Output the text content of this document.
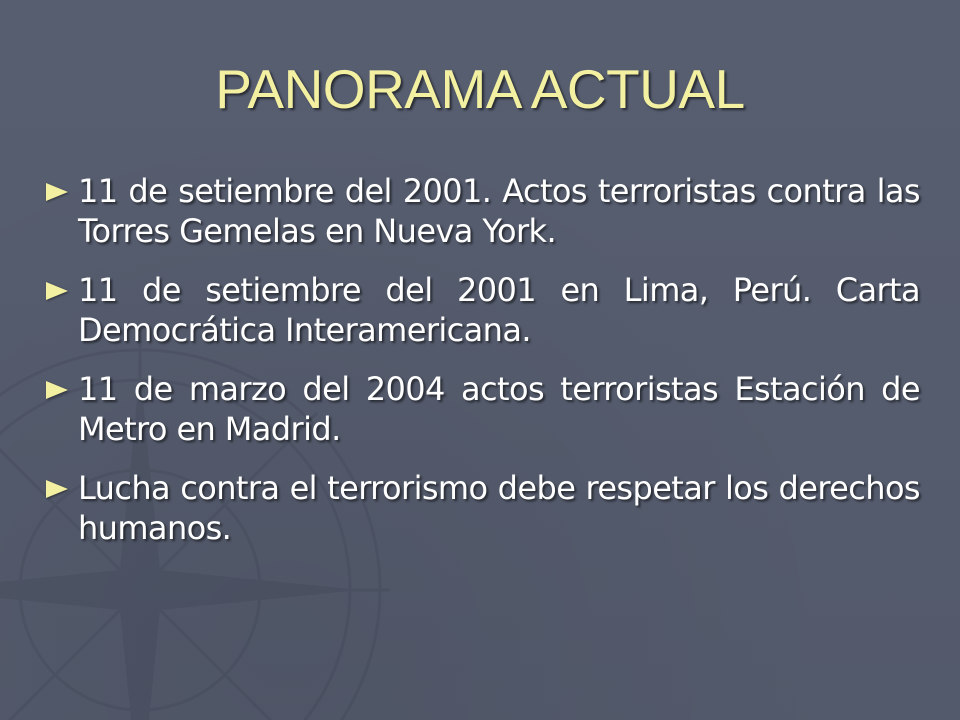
PANORAMA ACTUAL
11 de setiembre del 2001. Actos terroristas contra las Torres Gemelas en Nueva York.
11 de setiembre del 2001 en Lima, Perú. Carta Democrática Interamericana.
11 de marzo del 2004 actos terroristas Estación de Metro en Madrid.
Lucha contra el terrorismo debe respetar los derechos humanos.
